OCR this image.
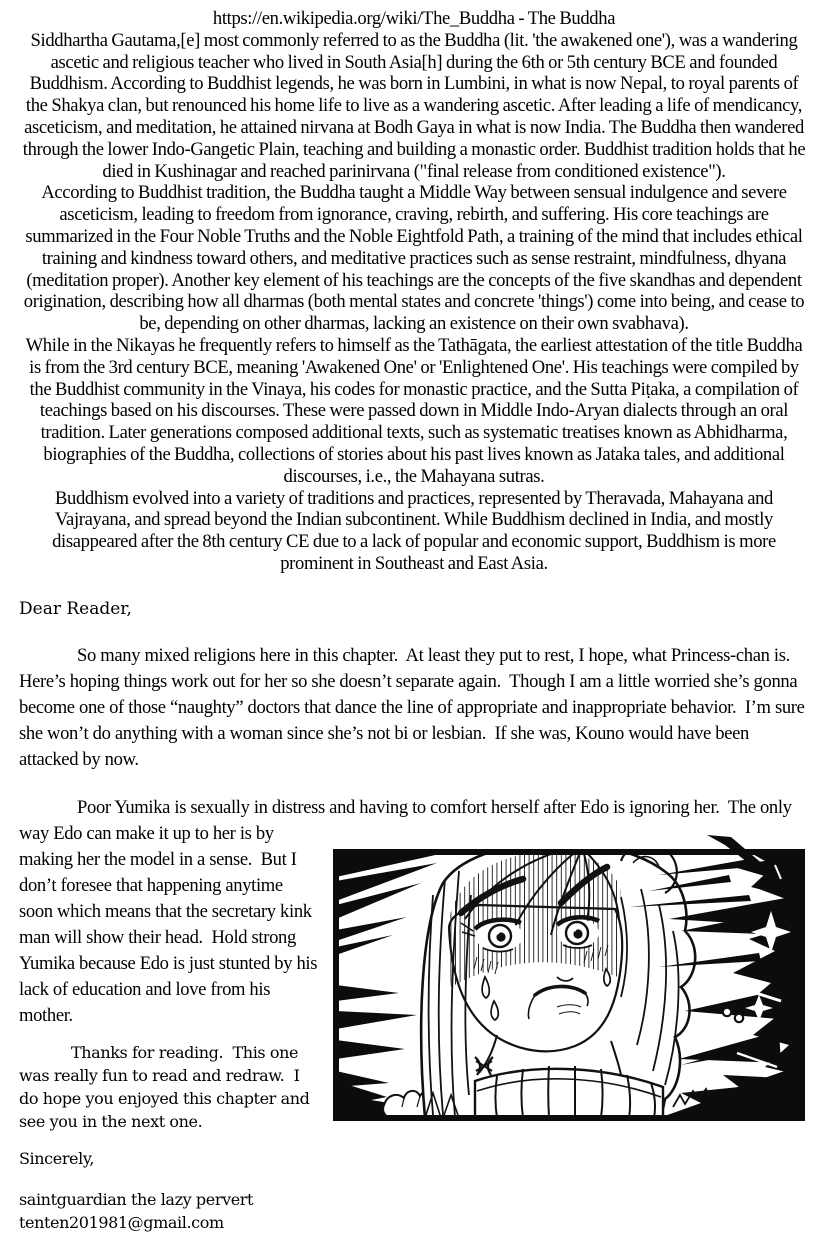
https://en.wikipedia.org/wiki/The_Buddha - The Buddha

Siddhartha Gautama,[e] most commonly referred to as the Buddha (lit. 'the awakened one'), was a wandering ascetic and religious teacher who lived in South Asia[h] during the 6th or 5th century BCE and founded Buddhism. According to Buddhist legends, he was born in Lumbini, in what is now Nepal, to royal parents of the Shakya clan, but renounced his home life to live as a wandering ascetic. After leading a life of mendicancy, asceticism, and meditation, he attained nirvana at Bodh Gaya in what is now India. The Buddha then wandered through the lower Indo-Gangetic Plain, teaching and building a monastic order. Buddhist tradition holds that he died in Kushinagar and reached parinirvana ("final release from conditioned existence").

According to Buddhist tradition, the Buddha taught a Middle Way between sensual indulgence and severe asceticism, leading to freedom from ignorance, craving, rebirth, and suffering. His core teachings are summarized in the Four Noble Truths and the Noble Eightfold Path, a training of the mind that includes ethical training and kindness toward others, and meditative practices such as sense restraint, mindfulness, dhyana (meditation proper). Another key element of his teachings are the concepts of the five skandhas and dependent origination, describing how all dharmas (both mental states and concrete 'things') come into being, and cease to be, depending on other dharmas, lacking an existence on their own svabhava).

While in the Nikayas he frequently refers to himself as the Tathāgata, the earliest attestation of the title Buddha is from the 3rd century BCE, meaning 'Awakened One' or 'Enlightened One'. His teachings were compiled by the Buddhist community in the Vinaya, his codes for monastic practice, and the Sutta Piṭaka, a compilation of teachings based on his discourses. These were passed down in Middle Indo-Aryan dialects through an oral tradition. Later generations composed additional texts, such as systematic treatises known as Abhidharma, biographies of the Buddha, collections of stories about his past lives known as Jataka tales, and additional discourses, i.e., the Mahayana sutras.

Buddhism evolved into a variety of traditions and practices, represented by Theravada, Mahayana and Vajrayana, and spread beyond the Indian subcontinent. While Buddhism declined in India, and mostly disappeared after the 8th century CE due to a lack of popular and economic support, Buddhism is more prominent in Southeast and East Asia.

Dear Reader,

So many mixed religions here in this chapter.  At least they put to rest, I hope, what Princess-chan is.  Here’s hoping things work out for her so she doesn’t separate again.  Though I am a little worried she’s gonna become one of those “naughty” doctors that dance the line of appropriate and inappropriate behavior.  I’m sure she won’t do anything with a woman since she’s not bi or lesbian.  If she was, Kouno would have been attacked by now.

Poor Yumika is sexually in distress and having to comfort herself after Edo is ignoring her.  The only way Edo can make it up to her is by making her the model in a sense.  But I don’t foresee that happening anytime soon which means that the secretary kink man will show their head.  Hold strong Yumika because Edo is just stunted by his lack of education and love from his mother.

Thanks for reading.  This one was really fun to read and redraw.  I do hope you enjoyed this chapter and see you in the next one.

Sincerely,

saintguardian the lazy pervert

tenten201981@gmail.com
